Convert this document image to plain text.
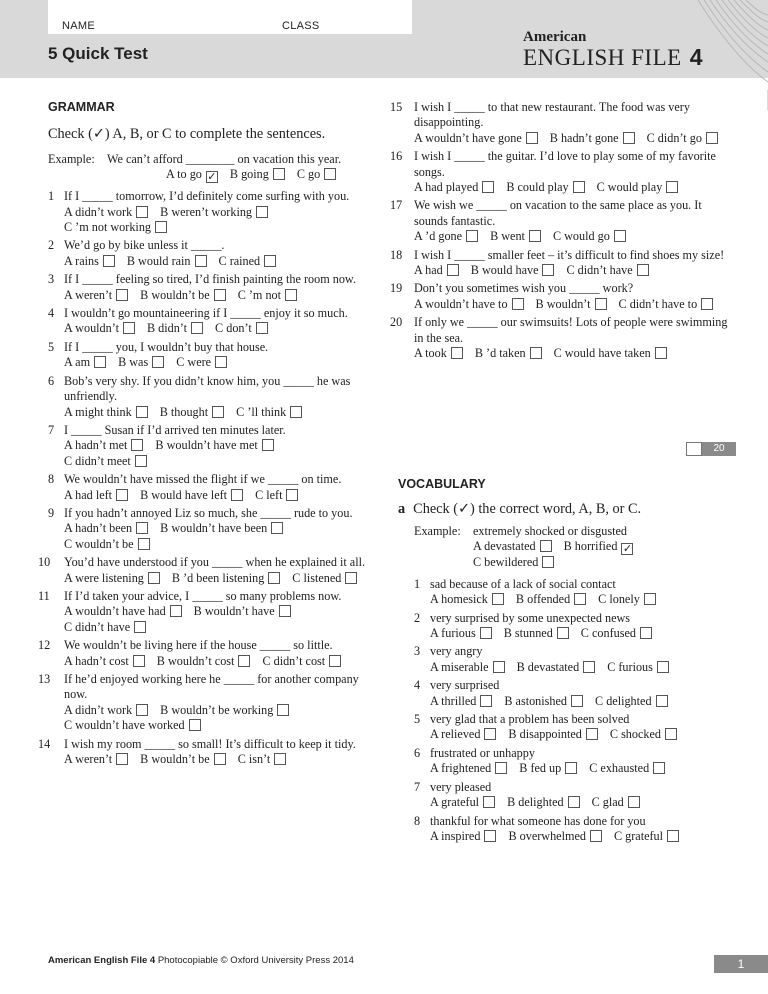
NAME	CLASS
5 Quick Test
American
ENGLISH FILE 4
GRAMMAR
Check (✓) A, B, or C to complete the sentences.
Example:	We can’t afford ________ on vacation this year.
A to go ✓ B going C go
1 If I _____ tomorrow, I’d definitely come surfing with you.
A didn’t work B weren’t workingC ’m not working
2 We’d go by bike unless it _____.
A rains B would rain C rained
3 If I _____ feeling so tired, I’d finish painting the room now.
A weren’t B wouldn’t be C ’m not
4 I wouldn’t go mountaineering if I _____ enjoy it so much.
A wouldn’t B didn’t C don’t
5 If I _____ you, I wouldn’t buy that house.
A am B was C were
6 Bob’s very shy. If you didn’t know him, you _____ he was unfriendly.
A might think B thought C ’ll think
7 I _____ Susan if I’d arrived ten minutes later.
A hadn’t met B wouldn’t have metC didn’t meet
8 We wouldn’t have missed the flight if we _____ on time.
A had left B would have left C left
9 If you hadn’t annoyed Liz so much, she _____ rude to you.
A hadn’t been B wouldn’t have beenC wouldn’t be
10	You’d have understood if you _____ when he explained it all.
A were listening B ’d been listening C listened
11	If I’d taken your advice, I _____ so many problems now.
A wouldn’t have had B wouldn’t haveC didn’t have
12	We wouldn’t be living here if the house _____ so little.
A hadn’t cost B wouldn’t cost C didn’t cost
13	If he’d enjoyed working here he _____ for another company now.
A didn’t work B wouldn’t be workingC wouldn’t have worked
14	I wish my room _____ so small! It’s difficult to keep it tidy.
A weren’t B wouldn’t be C isn’t
15 I wish I _____ to that new restaurant. The food was very disappointing.
A wouldn’t have gone B hadn’t gone C didn’t go
16 I wish I _____ the guitar. I’d love to play some of my favorite songs.
A had played B could play C would play
17 We wish we _____ on vacation to the same place as you. It sounds fantastic.
A ’d gone B went C would go
18 I wish I _____ smaller feet – it’s difficult to find shoes my size!
A had B would have C didn’t have
19 Don’t you sometimes wish you _____ work?
A wouldn’t have to B wouldn’t C didn’t have to
20 If only we _____ our swimsuits! Lots of people were swimming in the sea.
A took B ’d taken C would have taken
20
VOCABULARY
a Check (✓) the correct word, A, B, or C.
Example:	extremely shocked or disgusted
A devastated B horrified ✓C bewildered
1 sad because of a lack of social contact
A homesick B offended C lonely
2 very surprised by some unexpected news
A furious B stunned C confused
3 very angry
A miserable B devastated C furious
4 very surprised
A thrilled B astonished C delighted
5 very glad that a problem has been solved
A relieved B disappointed C shocked
6 frustrated or unhappy
A frightened B fed up C exhausted
7 very pleased
A grateful B delighted C glad
8 thankful for what someone has done for you
A inspired B overwhelmed C grateful
American English File 4 Photocopiable © Oxford University Press 2014	1
